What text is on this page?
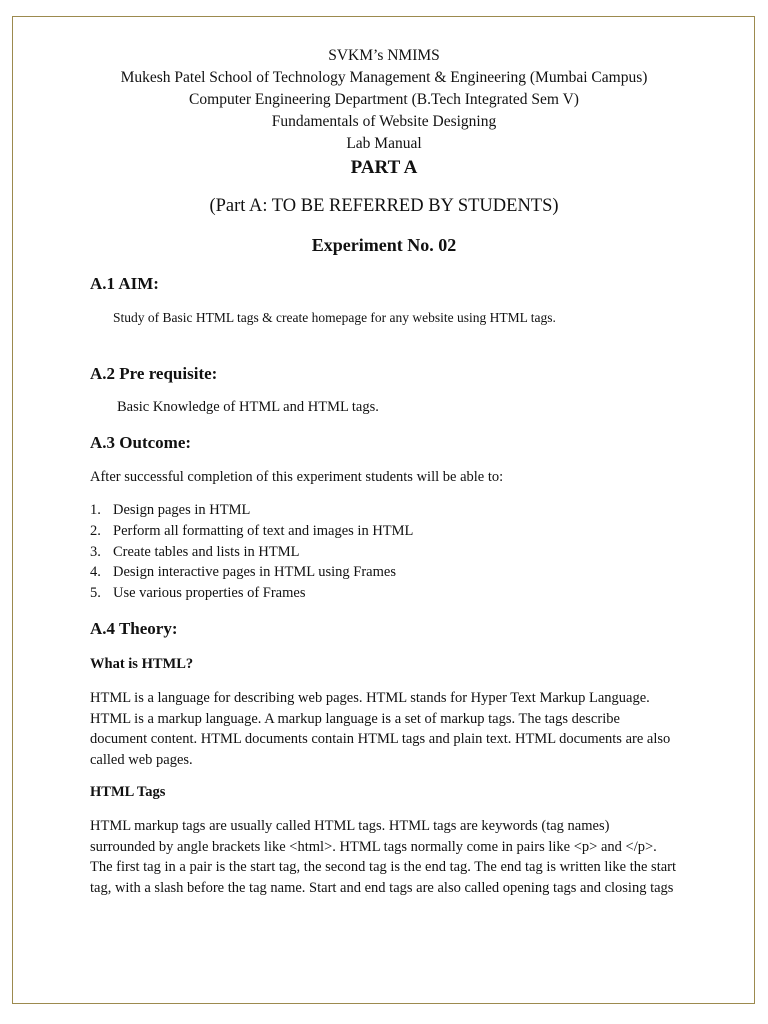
SVKM’s NMIMS
Mukesh Patel School of Technology Management & Engineering (Mumbai Campus)
Computer Engineering Department (B.Tech Integrated Sem V)
Fundamentals of Website Designing
Lab Manual
PART A
(Part A: TO BE REFERRED BY STUDENTS)
Experiment No. 02
A.1 AIM:
Study of Basic HTML tags & create homepage for any website using HTML tags.
A.2 Pre requisite:
Basic Knowledge of HTML and HTML tags.
A.3 Outcome:
After successful completion of this experiment students will be able to:
1. Design pages in HTML
2. Perform all formatting of text and images in HTML
3. Create tables and lists in HTML
4. Design interactive pages in HTML using Frames
5. Use various properties of Frames
A.4 Theory:
What is HTML?
HTML is a language for describing web pages. HTML stands for Hyper Text Markup Language. HTML is a markup language. A markup language is a set of markup tags. The tags describe document content. HTML documents contain HTML tags and plain text. HTML documents are also called web pages.
HTML Tags
HTML markup tags are usually called HTML tags. HTML tags are keywords (tag names) surrounded by angle brackets like <html>. HTML tags normally come in pairs like <p> and </p>. The first tag in a pair is the start tag, the second tag is the end tag. The end tag is written like the start tag, with a slash before the tag name. Start and end tags are also called opening tags and closing tags
